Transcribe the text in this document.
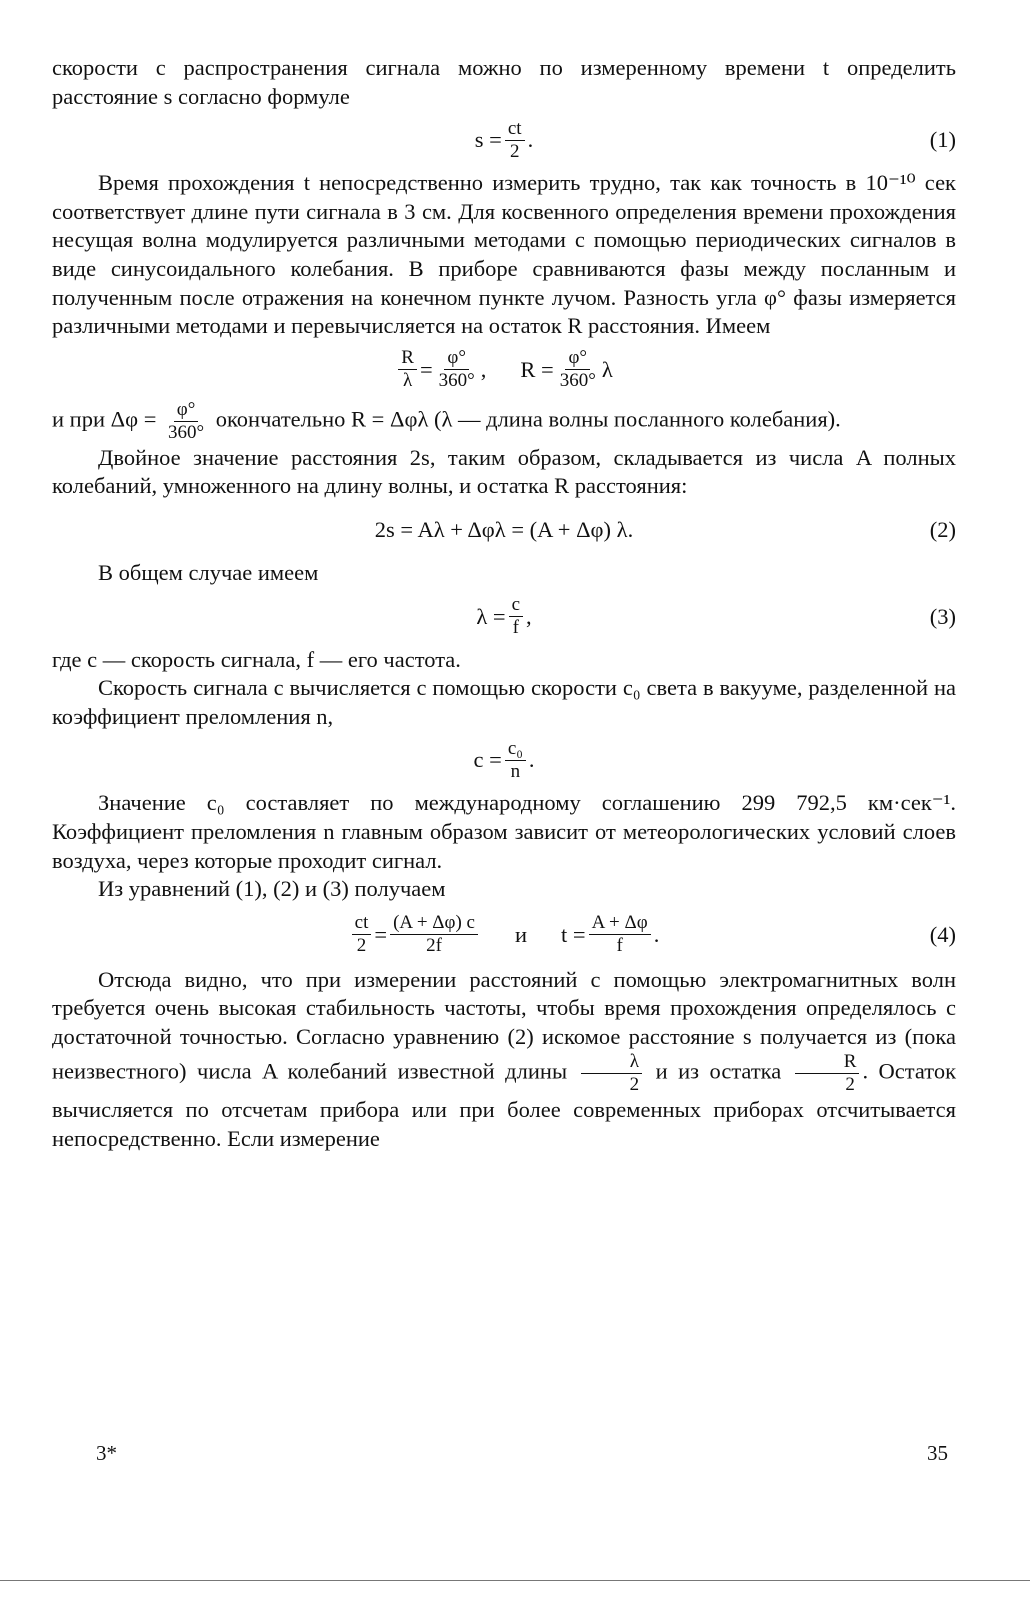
скорости c распространения сигнала можно по измеренному времени t определить расстояние s согласно формуле

$s = \frac{ct}{2}$ .	(1)

Время прохождения t непосредственно измерить трудно, так как точность в 10⁻¹⁰ сек соответствует длине пути сигнала в 3 см. Для косвенного определения времени прохождения несущая волна модулируется различными методами с помощью периодических сигналов в виде синусоидального колебания. В приборе сравниваются фазы между посланным и полученным после отражения на конечном пункте лучом. Разность угла φ° фазы измеряется различными методами и перевычисляется на остаток R расстояния. Имеем

$\frac{R}{\lambda} = \frac{\varphi^\circ}{360^\circ}$ , $R = \frac{\varphi^\circ}{360^\circ}$ λ

и при $\Delta\varphi = \frac{\varphi^\circ}{360^\circ}$ окончательно R = Δφλ (λ — длина волны посланного колебания).

Двойное значение расстояния 2s, таким образом, складывается из числа A полных колебаний, умноженного на длину волны, и остатка R расстояния:

2s = Aλ + Δφλ = (A + Δφ) λ.	(2)

В общем случае имеем

$\lambda = \frac{c}{f}$ ,	(3)

где c — скорость сигнала, f — его частота.

Скорость сигнала c вычисляется с помощью скорости c₀ света в вакууме, разделенной на коэффициент преломления n,

$c = \frac{\text{c₀}}{n}$ .

Значение c₀ составляет по международному соглашению 299 792,5 км·сек⁻¹. Коэффициент преломления n главным образом зависит от метеорологических условий слоев воздуха, через которые проходит сигнал.

Из уравнений (1), (2) и (3) получаем

$\frac{ct}{2} = \frac{(A + \Delta\varphi) c}{2f}$ и $t = \frac{A + \Delta\varphi}{f}$ .	(4)

Отсюда видно, что при измерении расстояний с помощью электромагнитных волн требуется очень высокая стабильность частоты, чтобы время прохождения определялось с достаточной точностью. Согласно уравнению (2) искомое расстояние s получается из (пока неизвестного) числа A колебаний известной длины $\frac{\lambda}{2}$ и из остатка $\frac{R}{2}$ . Остаток вычисляется по отсчетам прибора или при более современных приборах отсчитывается непосредственно. Если измерение

3*	35
